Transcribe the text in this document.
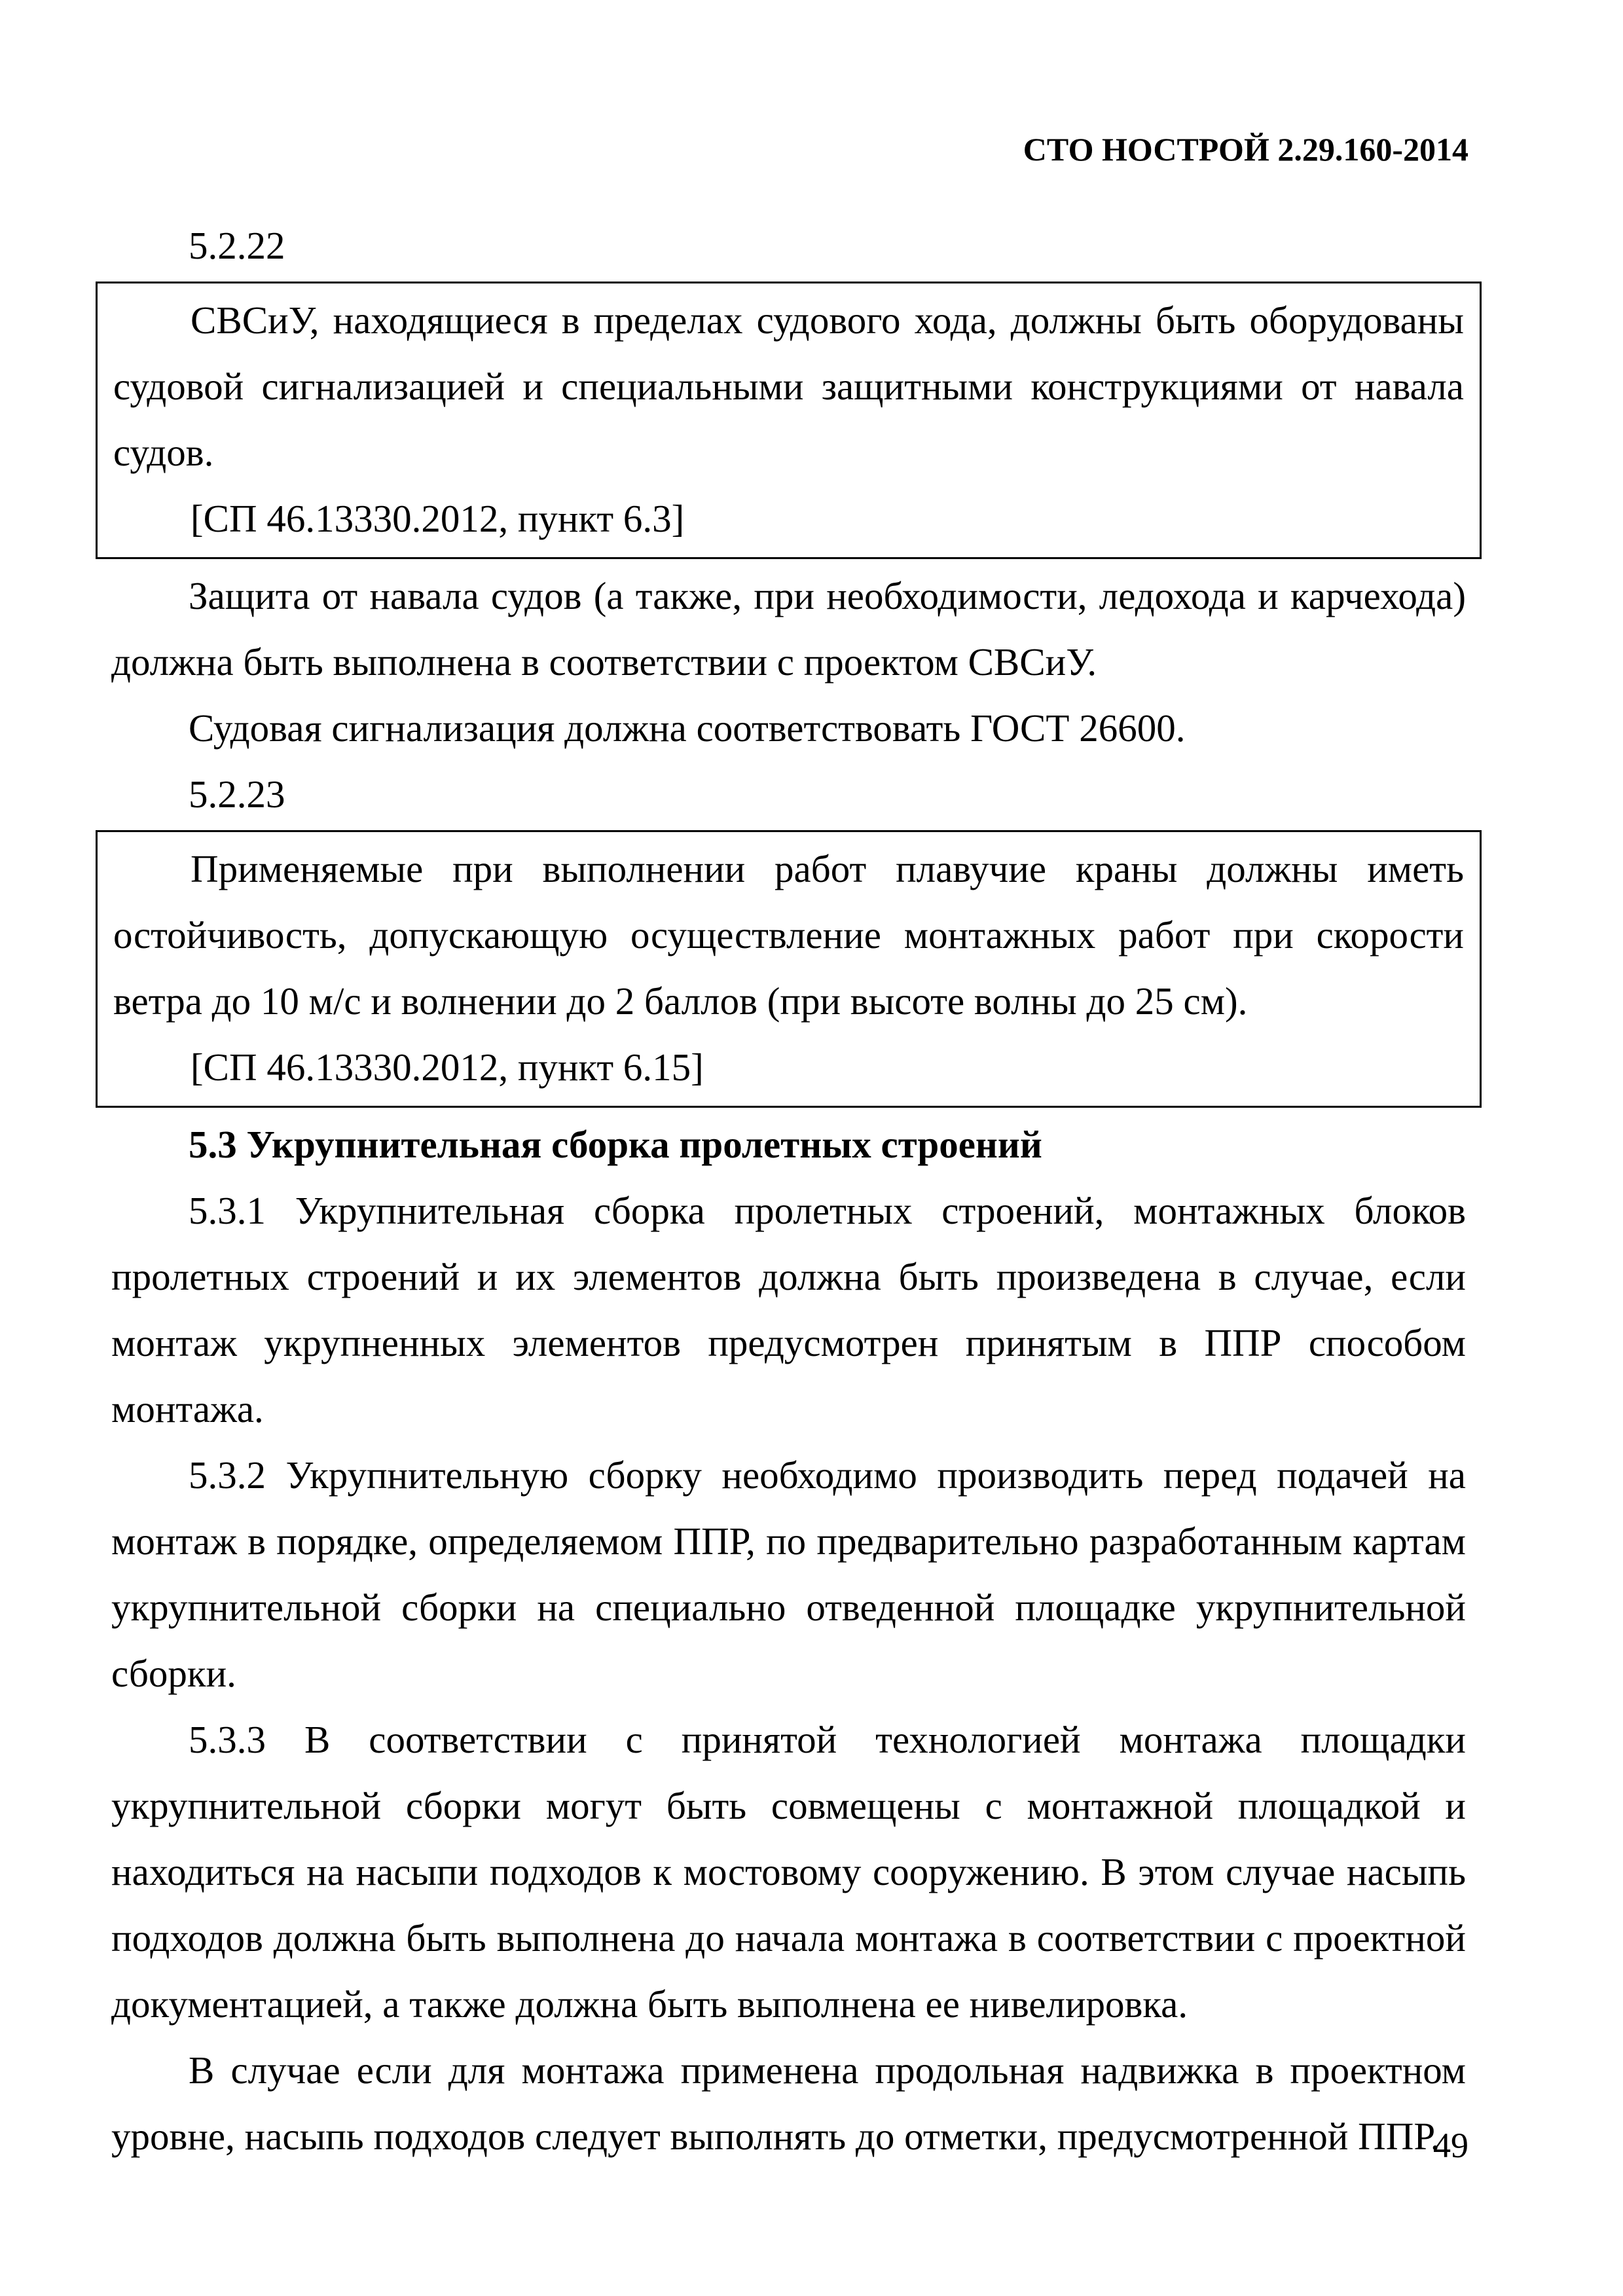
СТО НОСТРОЙ 2.29.160-2014

5.2.22

СВСиУ, находящиеся в пределах судового хода, должны быть оборудованы судовой сигнализацией и специальными защитными конструкциями от навала судов.

[СП 46.13330.2012, пункт 6.3]

Защита от навала судов (а также, при необходимости, ледохода и карчехода) должна быть выполнена в соответствии с проектом СВСиУ.

Судовая сигнализация должна соответствовать ГОСТ 26600.

5.2.23

Применяемые при выполнении работ плавучие краны должны иметь остойчивость, допускающую осуществление монтажных работ при скорости ветра до 10 м/с и волнении до 2 баллов (при высоте волны до 25 см).

[СП 46.13330.2012, пункт 6.15]

5.3 Укрупнительная сборка пролетных строений

5.3.1 Укрупнительная сборка пролетных строений, монтажных блоков пролетных строений и их элементов должна быть произведена в случае, если монтаж укрупненных элементов предусмотрен принятым в ППР способом монтажа.

5.3.2 Укрупнительную сборку необходимо производить перед подачей на монтаж в порядке, определяемом ППР, по предварительно разработанным картам укрупнительной сборки на специально отведенной площадке укрупнительной сборки.

5.3.3 В соответствии с принятой технологией монтажа площадки укрупнительной сборки могут быть совмещены с монтажной площадкой и находиться на насыпи подходов к мостовому сооружению. В этом случае насыпь подходов должна быть выполнена до начала монтажа в соответствии с проектной документацией, а также должна быть выполнена ее нивелировка.

В случае если для монтажа применена продольная надвижка в проектном уровне, насыпь подходов следует выполнять до отметки, предусмотренной ППР.

49
